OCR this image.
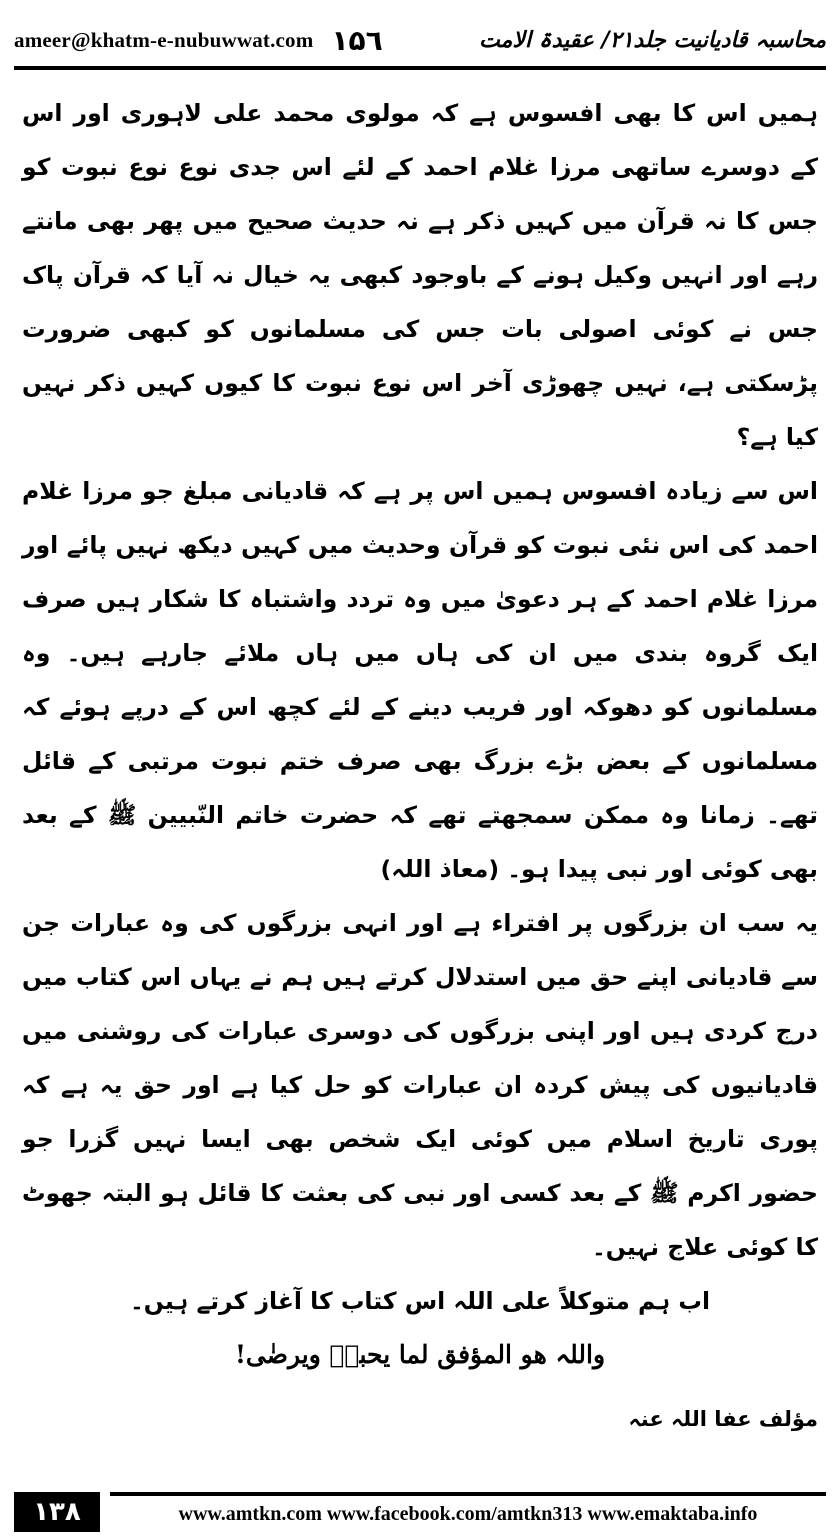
ameer@khatm-e-nubuwwat.com ۱۵٦	محاسبہ قادیانیت جلد۲۱/ عقیدۃ الامت

ہمیں اس کا بھی افسوس ہے کہ مولوی محمد علی لاہوری اور اس کے دوسرے ساتھی مرزا غلام احمد کے لئے اس جدی نوع نوع نبوت کو جس کا نہ قرآن میں کہیں ذکر ہے نہ حدیث صحیح میں پھر بھی مانتے رہے اور انہیں وکیل ہونے کے باوجود کبھی یہ خیال نہ آیا کہ قرآن پاک جس نے کوئی اصولی بات جس کی مسلمانوں کو کبھی ضرورت پڑسکتی ہے، نہیں چھوڑی آخر اس نوع نبوت کا کیوں کہیں ذکر نہیں کیا ہے؟

اس سے زیادہ افسوس ہمیں اس پر ہے کہ قادیانی مبلغ جو مرزا غلام احمد کی اس نئی نبوت کو قرآن وحدیث میں کہیں دیکھ نہیں پائے اور مرزا غلام احمد کے ہر دعویٰ میں وہ تردد واشتباہ کا شکار ہیں صرف ایک گروہ بندی میں ان کی ہاں میں ہاں ملائے جارہے ہیں۔ وہ مسلمانوں کو دھوکہ اور فریب دینے کے لئے کچھ اس کے درپے ہوئے کہ مسلمانوں کے بعض بڑے بزرگ بھی صرف ختم نبوت مرتبی کے قائل تھے۔ زمانا وہ ممکن سمجھتے تھے کہ حضرت خاتم النّبیین ﷺ کے بعد بھی کوئی اور نبی پیدا ہو۔ (معاذ اللہ)

یہ سب ان بزرگوں پر افتراء ہے اور انہی بزرگوں کی وہ عبارات جن سے قادیانی اپنے حق میں استدلال کرتے ہیں ہم نے یہاں اس کتاب میں درج کردی ہیں اور اپنی بزرگوں کی دوسری عبارات کی روشنی میں قادیانیوں کی پیش کردہ ان عبارات کو حل کیا ہے اور حق یہ ہے کہ پوری تاریخ اسلام میں کوئی ایک شخص بھی ایسا نہیں گزرا جو حضور اکرم ﷺ کے بعد کسی اور نبی کی بعثت کا قائل ہو البتہ جھوٹ کا کوئی علاج نہیں۔

اب ہم متوکلاً علی اللہ اس کتاب کا آغاز کرتے ہیں۔

واللہ ھو المؤفق لما یحبہٗ ویرضٰی!

مؤلف عفا اللہ عنہ

۱۳۸	www.amtkn.com www.facebook.com/amtkn313 www.emaktaba.info
